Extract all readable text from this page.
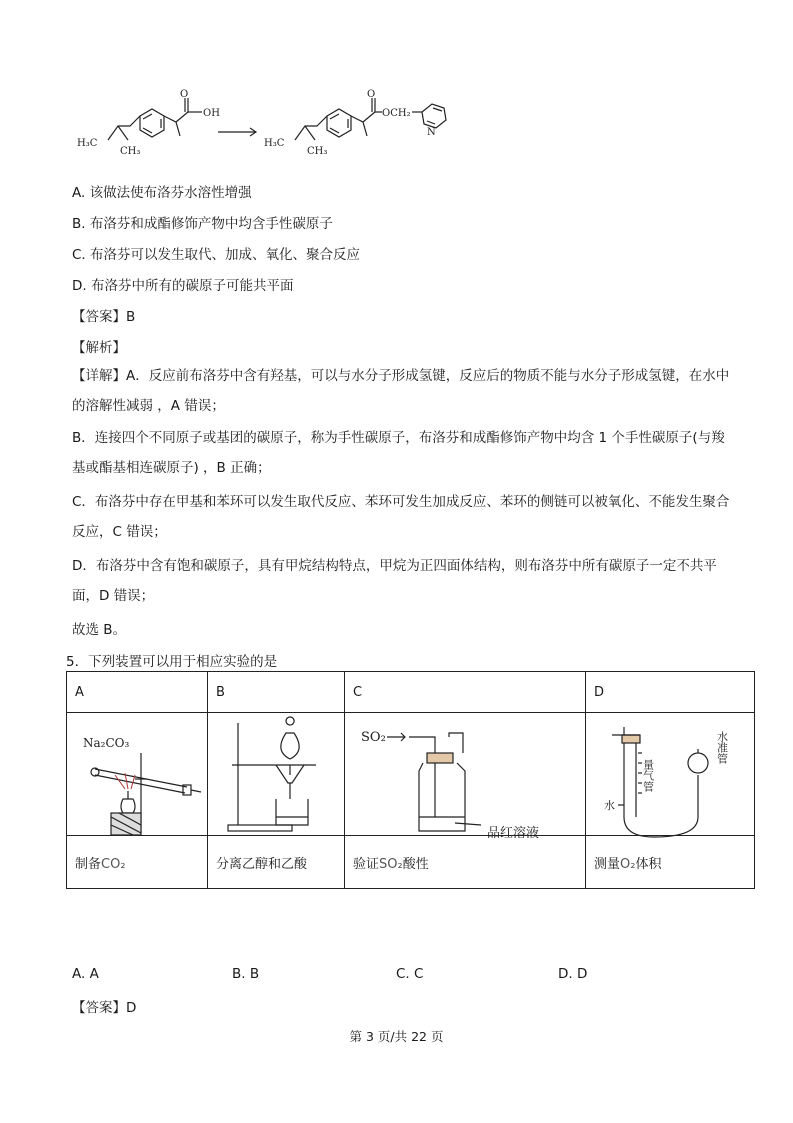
H₃C
CH₃
O
OH
H₃C
CH₃
O
OCH₂
N
A. 该做法使布洛芬水溶性增强
B. 布洛芬和成酯修饰产物中均含手性碳原子
C. 布洛芬可以发生取代、加成、氧化、聚合反应
D. 布洛芬中所有的碳原子可能共平面
【答案】B
【解析】
【详解】A．反应前布洛芬中含有羟基，可以与水分子形成氢键，反应后的物质不能与水分子形成氢键，在水中的溶解性减弱 ，A 错误；
B．连接四个不同原子或基团的碳原子，称为手性碳原子，布洛芬和成酯修饰产物中均含 1 个手性碳原子(与羧基或酯基相连碳原子) ，B 正确；
C．布洛芬中存在甲基和苯环可以发生取代反应、苯环可发生加成反应、苯环的侧链可以被氧化、不能发生聚合反应，C 错误；
D．布洛芬中含有饱和碳原子，具有甲烷结构特点，甲烷为正四面体结构，则布洛芬中所有碳原子一定不共平面，D 错误；
故选 B。
5．下列装置可以用于相应实验的是
A	B	C	D

Na₂CO₃		SO₂
品红溶液	水
量气管
水准管

制备CO₂	分离乙醇和乙酸	验证SO₂酸性	测量O₂体积
A. A	B. B	C. C	D. D
【答案】D
第 3 页/共 22 页
